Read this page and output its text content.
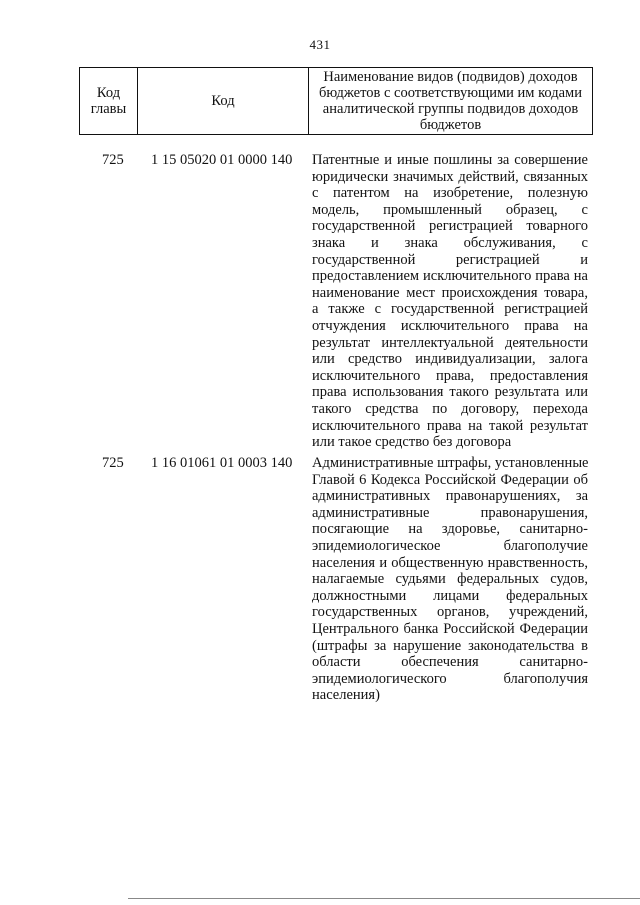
431
Код
главы	Код
Наименование видов (подвидов) доходов
бюджетов с соответствующими им кодами
аналитической группы подвидов доходов
бюджетов
725 1 15 05020 01 0000 140 Патентные и иные пошлины за совершение
юридически значимых действий, связанных
с патентом на изобретение, полезную
модель, промышленный образец, с
государственной регистрацией товарного
знака и знака обслуживания, с
государственной регистрацией и
предоставлением исключительного права на
наименование мест происхождения товара,
а также с государственной регистрацией
отчуждения исключительного права на
результат интеллектуальной деятельности
или средство индивидуализации, залога
исключительного права, предоставления
права использования такого результата или
такого средства по договору, перехода
исключительного права на такой результат
или такое средство без договора
725 1 16 01061 01 0003 140 Административные штрафы, установленные
Главой 6 Кодекса Российской Федерации об
административных правонарушениях, за
административные правонарушения,
посягающие на здоровье, санитарно-
эпидемиологическое благополучие
населения и общественную нравственность,
налагаемые судьями федеральных судов,
должностными лицами федеральных
государственных органов, учреждений,
Центрального банка Российской Федерации
(штрафы за нарушение законодательства в
области обеспечения санитарно-
эпидемиологического благополучия
населения)
